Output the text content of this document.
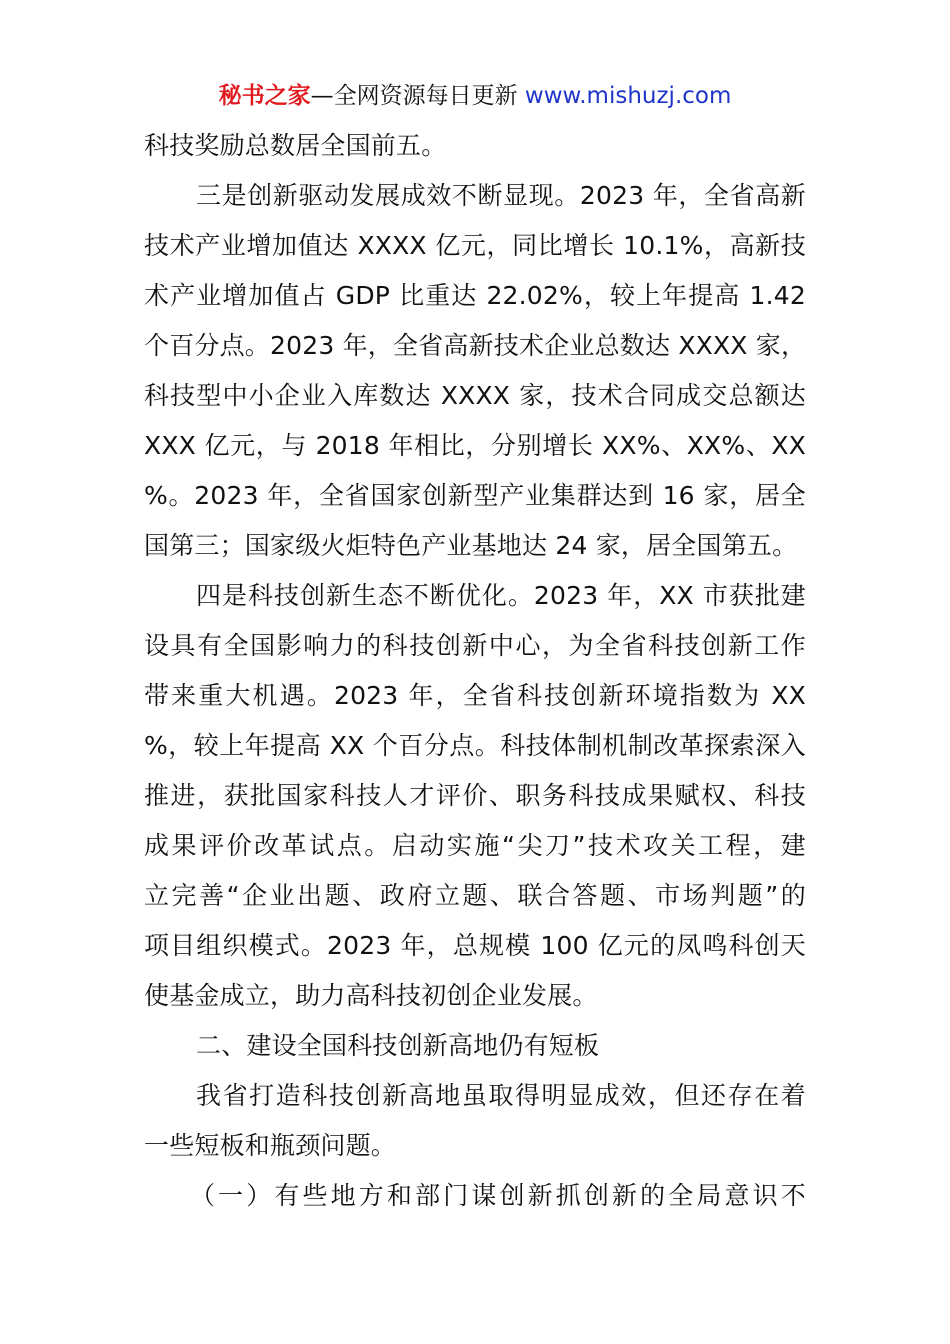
秘书之家—全网资源每日更新 www.mishuzj.com
科技奖励总数居全国前五。
三是创新驱动发展成效不断显现。2023 年，全省高新
技术产业增加值达 XXXX 亿元，同比增长 10.1%，高新技
术产业增加值占 GDP 比重达 22.02%，较上年提高 1.42
个百分点。2023 年，全省高新技术企业总数达 XXXX 家，
科技型中小企业入库数达 XXXX 家，技术合同成交总额达
XXX 亿元，与 2018 年相比，分别增长 XX%、XX%、XX
%。2023 年，全省国家创新型产业集群达到 16 家，居全
国第三；国家级火炬特色产业基地达 24 家，居全国第五。
四是科技创新生态不断优化。2023 年，XX 市获批建
设具有全国影响力的科技创新中心，为全省科技创新工作
带来重大机遇。2023 年，全省科技创新环境指数为 XX
%，较上年提高 XX 个百分点。科技体制机制改革探索深入
推进，获批国家科技人才评价、职务科技成果赋权、科技
成果评价改革试点。启动实施“尖刀”技术攻关工程，建
立完善“企业出题、政府立题、联合答题、市场判题”的
项目组织模式。2023 年，总规模 100 亿元的凤鸣科创天
使基金成立，助力高科技初创企业发展。
二、建设全国科技创新高地仍有短板
我省打造科技创新高地虽取得明显成效，但还存在着
一些短板和瓶颈问题。
（一）有些地方和部门谋创新抓创新的全局意识不
